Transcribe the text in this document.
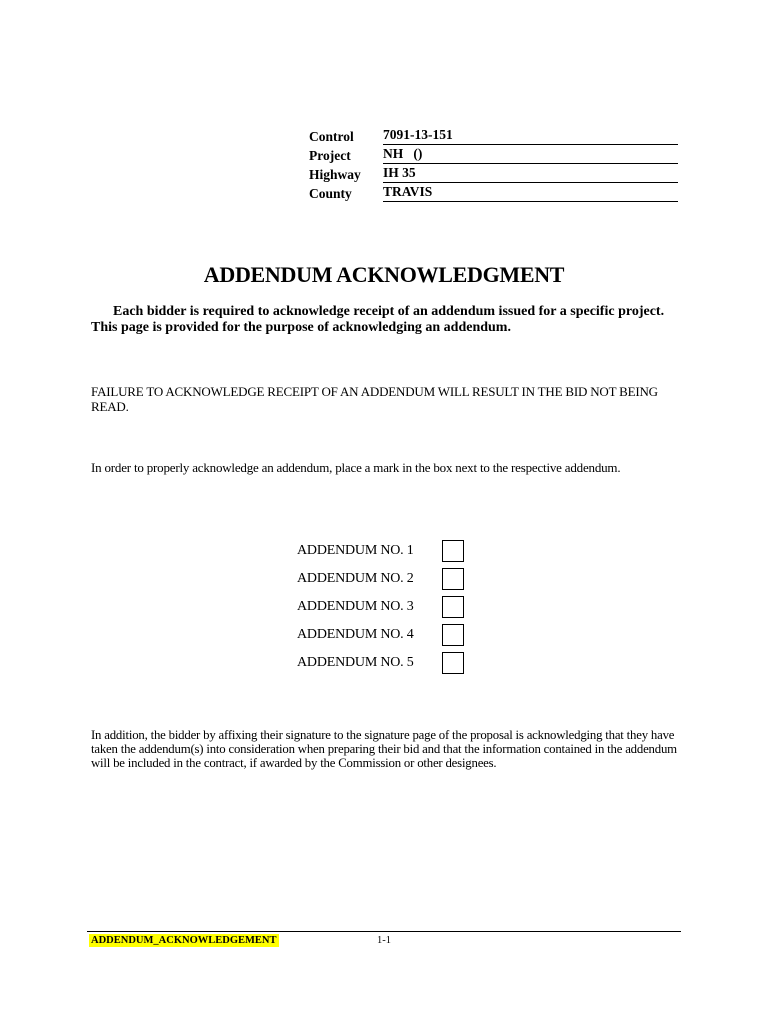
Control	7091-13-151
Project	NH   ()
Highway	IH 35
County	TRAVIS
ADDENDUM ACKNOWLEDGMENT
Each bidder is required to acknowledge receipt of an addendum issued for a specific project. This page is provided for the purpose of acknowledging an addendum.
FAILURE TO ACKNOWLEDGE RECEIPT OF AN ADDENDUM WILL RESULT IN THE BID NOT BEING READ.
In order to properly acknowledge an addendum, place a mark in the box next to the respective addendum.
ADDENDUM NO. 1
ADDENDUM NO. 2
ADDENDUM NO. 3
ADDENDUM NO. 4
ADDENDUM NO. 5
In addition, the bidder by affixing their signature to the signature page of the proposal is acknowledging that they have taken the addendum(s) into consideration when preparing their bid and that the information contained in the addendum will be included in the contract, if awarded by the Commission or other designees.
ADDENDUM_ACKNOWLEDGEMENT	1-1
